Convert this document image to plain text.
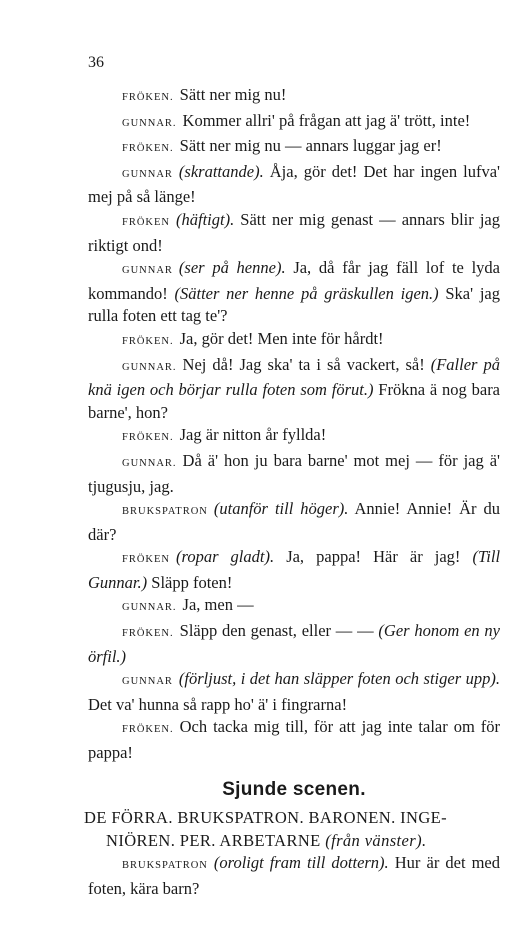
36

FRÖKEN. Sätt ner mig nu!

GUNNAR. Kommer allri' på frågan att jag ä' trött, inte!

FRÖKEN. Sätt ner mig nu — annars luggar jag er!

GUNNAR (skrattande). Åja, gör det! Det har ingen lufva' mej på så länge!

FRÖKEN (häftigt). Sätt ner mig genast — annars blir jag riktigt ond!

GUNNAR (ser på henne). Ja, då får jag fäll lof te lyda kommando! (Sätter ner henne på gräskullen igen.) Ska' jag rulla foten ett tag te'?

FRÖKEN. Ja, gör det! Men inte för hårdt!

GUNNAR. Nej då! Jag ska' ta i så vackert, så! (Faller på knä igen och börjar rulla foten som förut.) Frökna ä nog bara barne', hon?

FRÖKEN. Jag är nitton år fyllda!

GUNNAR. Då ä' hon ju bara barne' mot mej — för jag ä' tjugusju, jag.

BRUKSPATRON (utanför till höger). Annie! Annie! Är du där?

FRÖKEN (ropar gladt). Ja, pappa! Här är jag! (Till Gunnar.) Släpp foten!

GUNNAR. Ja, men —

FRÖKEN. Släpp den genast, eller — — (Ger honom en ny örfil.)

GUNNAR (förljust, i det han släpper foten och stiger upp). Det va' hunna så rapp ho' ä' i fingrarna!

FRÖKEN. Och tacka mig till, för att jag inte talar om för pappa!

Sjunde scenen.

DE FÖRRA. BRUKSPATRON. BARONEN. INGE-
NIÖREN. PER. ARBETARNE (från vänster).

BRUKSPATRON (oroligt fram till dottern). Hur är det med foten, kära barn?
